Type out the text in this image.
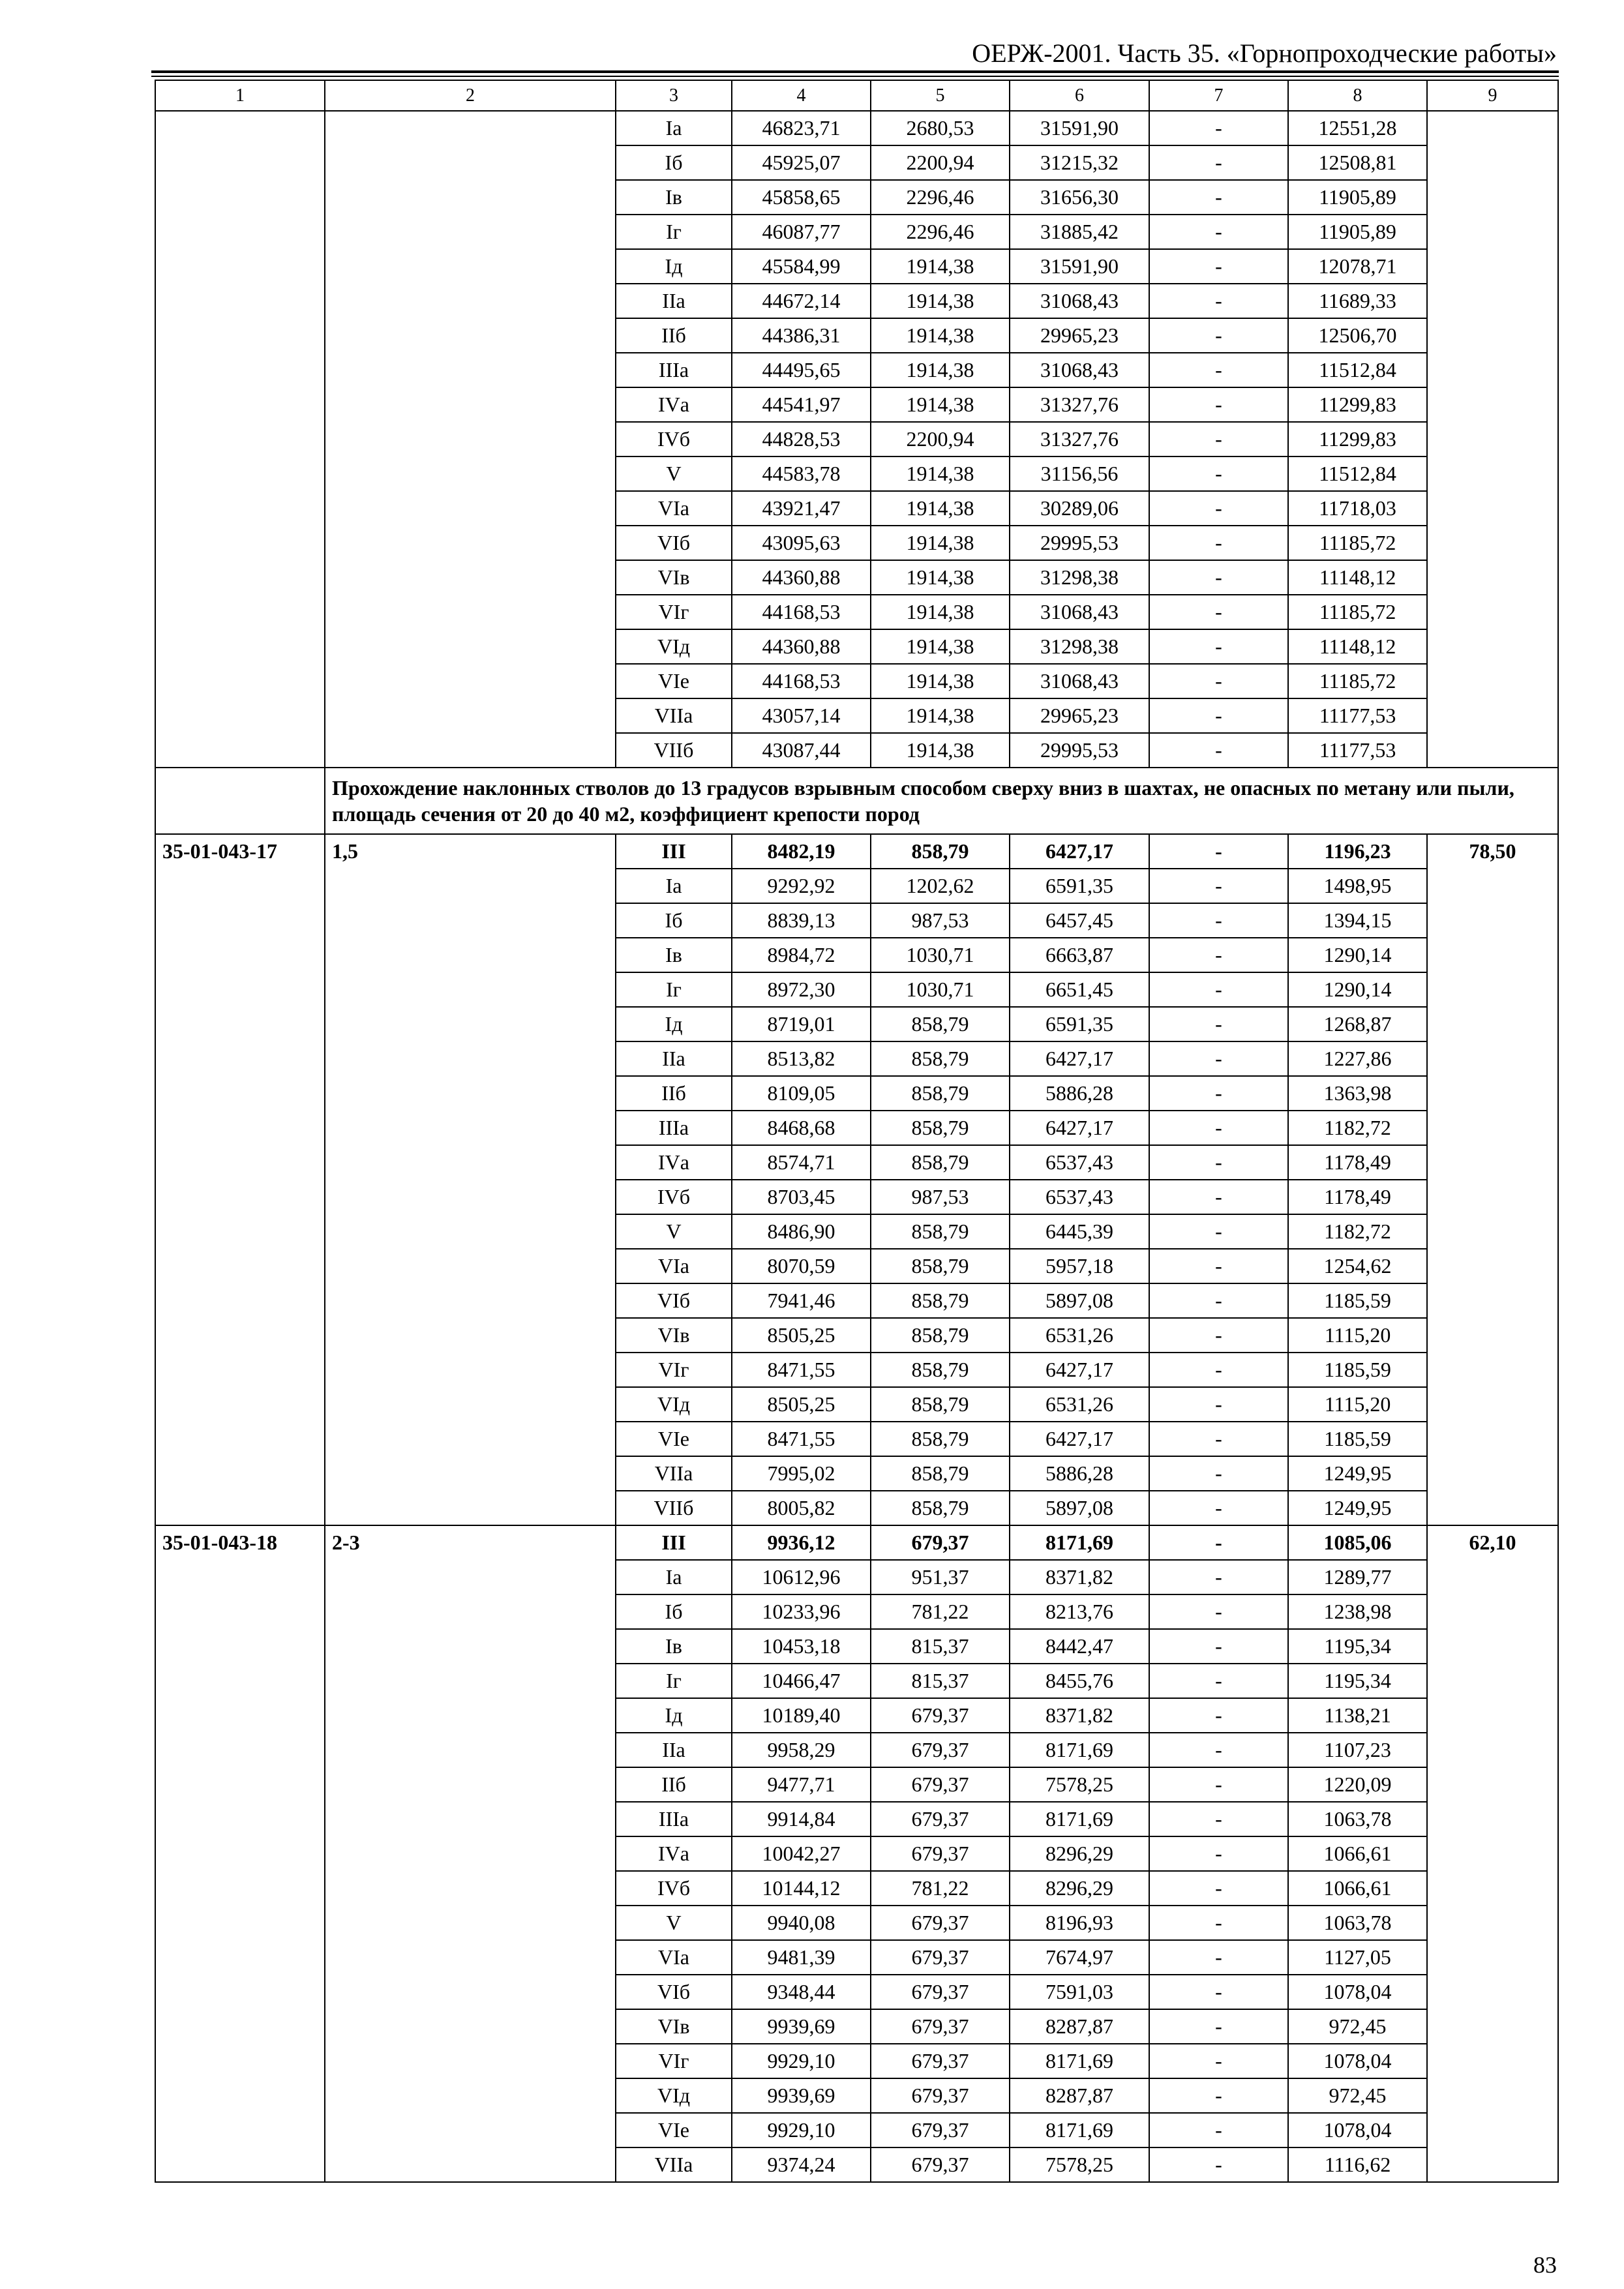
ОЕРЖ-2001. Часть 35. «Горнопроходческие работы»
1	2	3	4	5	6	7	8	9
		Iа	46823,71	2680,53	31591,90	-	12551,28	
		Iб	45925,07	2200,94	31215,32	-	12508,81	
		Iв	45858,65	2296,46	31656,30	-	11905,89	
		Iг	46087,77	2296,46	31885,42	-	11905,89	
		Iд	45584,99	1914,38	31591,90	-	12078,71	
		IIа	44672,14	1914,38	31068,43	-	11689,33	
		IIб	44386,31	1914,38	29965,23	-	12506,70	
		IIIа	44495,65	1914,38	31068,43	-	11512,84	
		IVа	44541,97	1914,38	31327,76	-	11299,83	
		IVб	44828,53	2200,94	31327,76	-	11299,83	
		V	44583,78	1914,38	31156,56	-	11512,84	
		VIа	43921,47	1914,38	30289,06	-	11718,03	
		VIб	43095,63	1914,38	29995,53	-	11185,72	
		VIв	44360,88	1914,38	31298,38	-	11148,12	
		VIг	44168,53	1914,38	31068,43	-	11185,72	
		VIд	44360,88	1914,38	31298,38	-	11148,12	
		VIе	44168,53	1914,38	31068,43	-	11185,72	
		VIIа	43057,14	1914,38	29965,23	-	11177,53	
		VIIб	43087,44	1914,38	29995,53	-	11177,53	
	Прохождение наклонных стволов до 13 градусов взрывным способом сверху вниз в шахтах, не опасных по метану или пыли, площадь сечения от 20 до 40 м2, коэффициент крепости пород							
35-01-043-17	1,5	III	8482,19	858,79	6427,17	-	1196,23	78,50
		Iа	9292,92	1202,62	6591,35	-	1498,95	
		Iб	8839,13	987,53	6457,45	-	1394,15	
		Iв	8984,72	1030,71	6663,87	-	1290,14	
		Iг	8972,30	1030,71	6651,45	-	1290,14	
		Iд	8719,01	858,79	6591,35	-	1268,87	
		IIа	8513,82	858,79	6427,17	-	1227,86	
		IIб	8109,05	858,79	5886,28	-	1363,98	
		IIIа	8468,68	858,79	6427,17	-	1182,72	
		IVа	8574,71	858,79	6537,43	-	1178,49	
		IVб	8703,45	987,53	6537,43	-	1178,49	
		V	8486,90	858,79	6445,39	-	1182,72	
		VIа	8070,59	858,79	5957,18	-	1254,62	
		VIб	7941,46	858,79	5897,08	-	1185,59	
		VIв	8505,25	858,79	6531,26	-	1115,20	
		VIг	8471,55	858,79	6427,17	-	1185,59	
		VIд	8505,25	858,79	6531,26	-	1115,20	
		VIе	8471,55	858,79	6427,17	-	1185,59	
		VIIа	7995,02	858,79	5886,28	-	1249,95	
		VIIб	8005,82	858,79	5897,08	-	1249,95	
35-01-043-18	2-3	III	9936,12	679,37	8171,69	-	1085,06	62,10
		Iа	10612,96	951,37	8371,82	-	1289,77	
		Iб	10233,96	781,22	8213,76	-	1238,98	
		Iв	10453,18	815,37	8442,47	-	1195,34	
		Iг	10466,47	815,37	8455,76	-	1195,34	
		Iд	10189,40	679,37	8371,82	-	1138,21	
		IIа	9958,29	679,37	8171,69	-	1107,23	
		IIб	9477,71	679,37	7578,25	-	1220,09	
		IIIа	9914,84	679,37	8171,69	-	1063,78	
		IVа	10042,27	679,37	8296,29	-	1066,61	
		IVб	10144,12	781,22	8296,29	-	1066,61	
		V	9940,08	679,37	8196,93	-	1063,78	
		VIа	9481,39	679,37	7674,97	-	1127,05	
		VIб	9348,44	679,37	7591,03	-	1078,04	
		VIв	9939,69	679,37	8287,87	-	972,45	
		VIг	9929,10	679,37	8171,69	-	1078,04	
		VIд	9939,69	679,37	8287,87	-	972,45	
		VIе	9929,10	679,37	8171,69	-	1078,04	
		VIIа	9374,24	679,37	7578,25	-	1116,62	
83
